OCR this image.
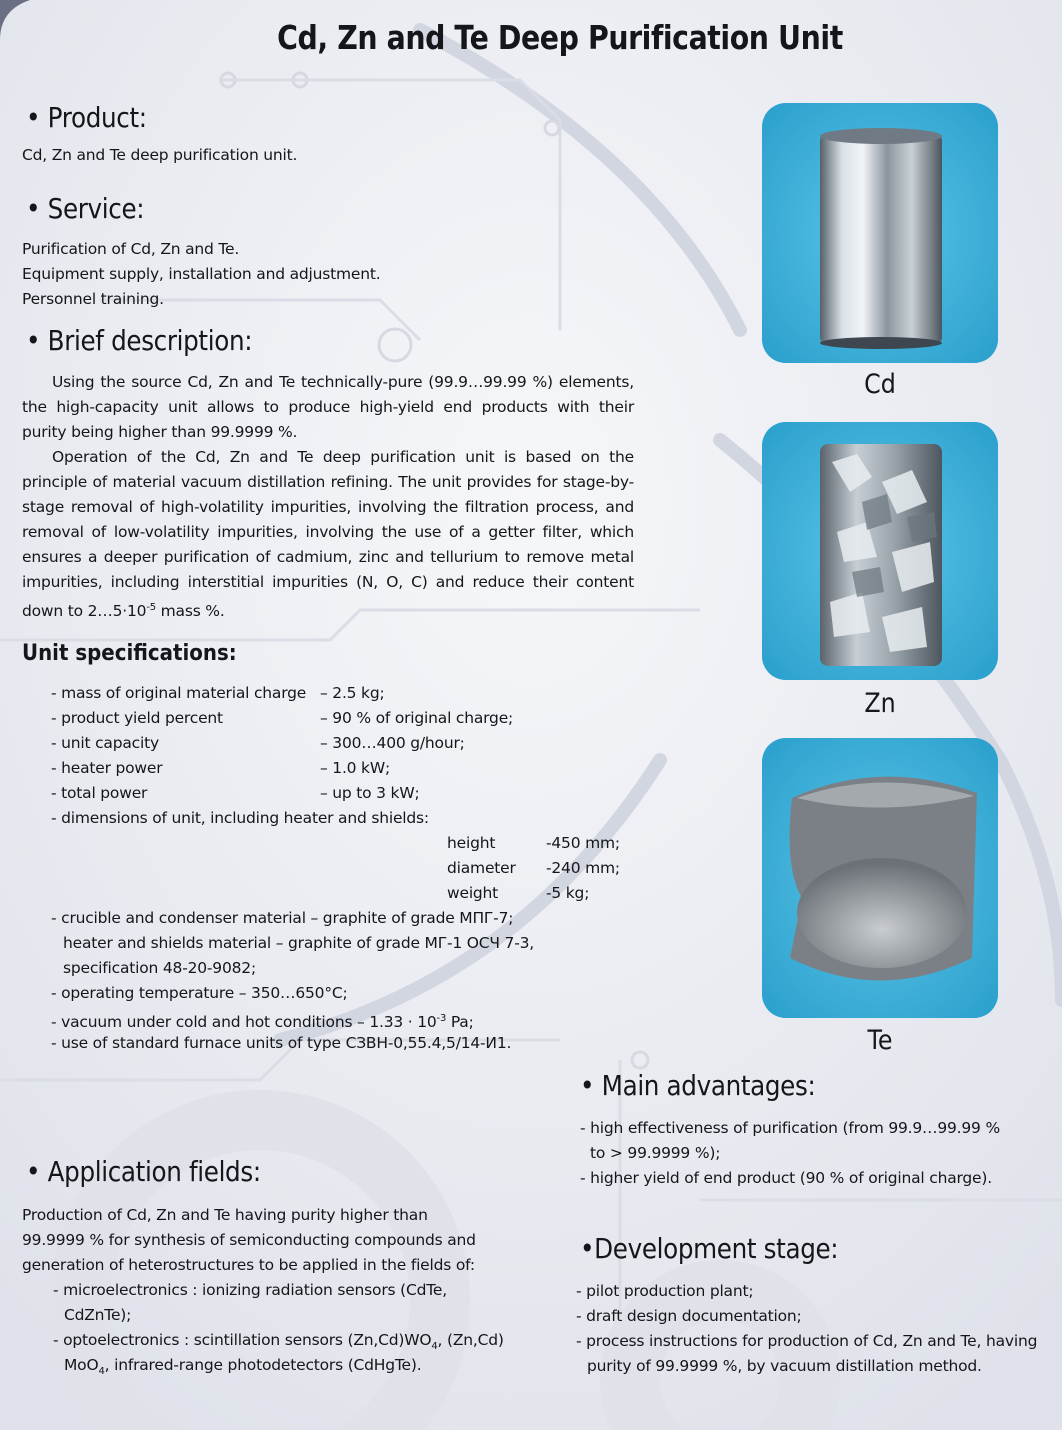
Cd, Zn and Te Deep Purification Unit
• Product:
Cd, Zn and Te deep purification unit.
• Service:
Purification of Cd, Zn and Te.
Equipment supply, installation and adjustment.
Personnel training.
• Brief description:

Using the source Cd, Zn and Te technically-pure (99.9…99.99 %) elements, the high-capacity unit allows to produce high-yield end products with their purity being higher than 99.9999 %.

Operation of the Cd, Zn and Te deep purification unit is based on the principle of material vacuum distillation refining. The unit provides for stage-by-stage removal of high-volatility impurities, involving the filtration process, and removal of low-volatility impurities, involving the use of a getter filter, which ensures a deeper purification of cadmium, zinc and tellurium to remove metal impurities, including interstitial impurities (N, O, C) and reduce their content down to $2\dots 5\cdot 10^{-5}$ mass %.

Unit specifications:
- mass of original material charge – 2.5 kg;
- product yield percent	– 90 % of original charge;
- unit capacity	– 300…400 g/hour;
- heater power	– 1.0 kW;
- total power	– up to 3 kW;
- dimensions of unit, including heater and shields:
height	-450 mm;
diameter -240 mm;
weight	-5 kg;
- crucible and condenser material – graphite of grade МПГ-7;
heater and shields material – graphite of grade МГ-1 ОСЧ 7-3,
specification 48-20-9082;
- operating temperature – 350…650°C;
- vacuum under cold and hot conditions – $1.33 \cdot 10^{-3}$ Pa;
- use of standard furnace units of type СЗВН-0,55.4,5/14-И1.
Cd
Zn
Te
• Main advantages:
- high effectiveness of purification (from 99.9…99.99 %
to > 99.9999 %);
- higher yield of end product (90 % of original charge).
• Application fields:
Production of Cd, Zn and Te having purity higher than
99.9999 % for synthesis of semiconducting compounds and
generation of heterostructures to be applied in the fields of:
- microelectronics : ionizing radiation sensors (CdTe,
CdZnTe);
- optoelectronics : scintillation sensors $(Zn,Cd)WO_4$, (Zn,Cd)
MoO$_4$, infrared-range photodetectors (CdHgTe).
•Development stage:
- pilot production plant;
- draft design documentation;
- process instructions for production of Cd, Zn and Te, having
purity of 99.9999 %, by vacuum distillation method.
